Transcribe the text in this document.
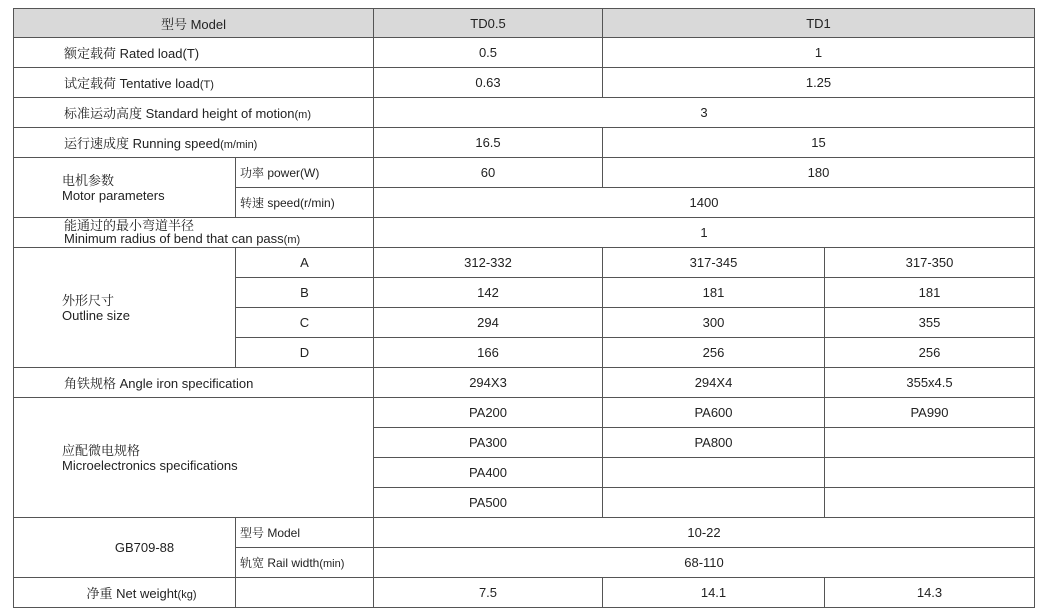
型号 Model		TD0.5	TD1	
额定载荷 Rated load(T)		0.5	1	
试定载荷 Tentative load(T)		0.63	1.25	
标准运动高度 Standard height of motion(m)		3		
运行速成度 Running speed(m/min)		16.5	15	

电机参数
Motor parameters	功率 power(W)	60	180	
	转速 speed(r/min)	1400		

能通过的最小弯道半径
Minimum radius of bend that can pass(m)		1		

外形尺寸
Outline size	A	312-332	317-345	317-350
	B	142	181	181
	C	294	300	355
	D	166	256	256
角铁规格 Angle iron specification		294X3	294X4	355x4.5

应配微电规格
Microelectronics specifications		PA200	PA600	PA990
		PA300	PA800	
		PA400		
		PA500		
GB709-88	型号 Model	10-22		
	轨宽 Rail width(min)	68-110		
净重 Net weight(kg)		7.5	14.1	14.3
